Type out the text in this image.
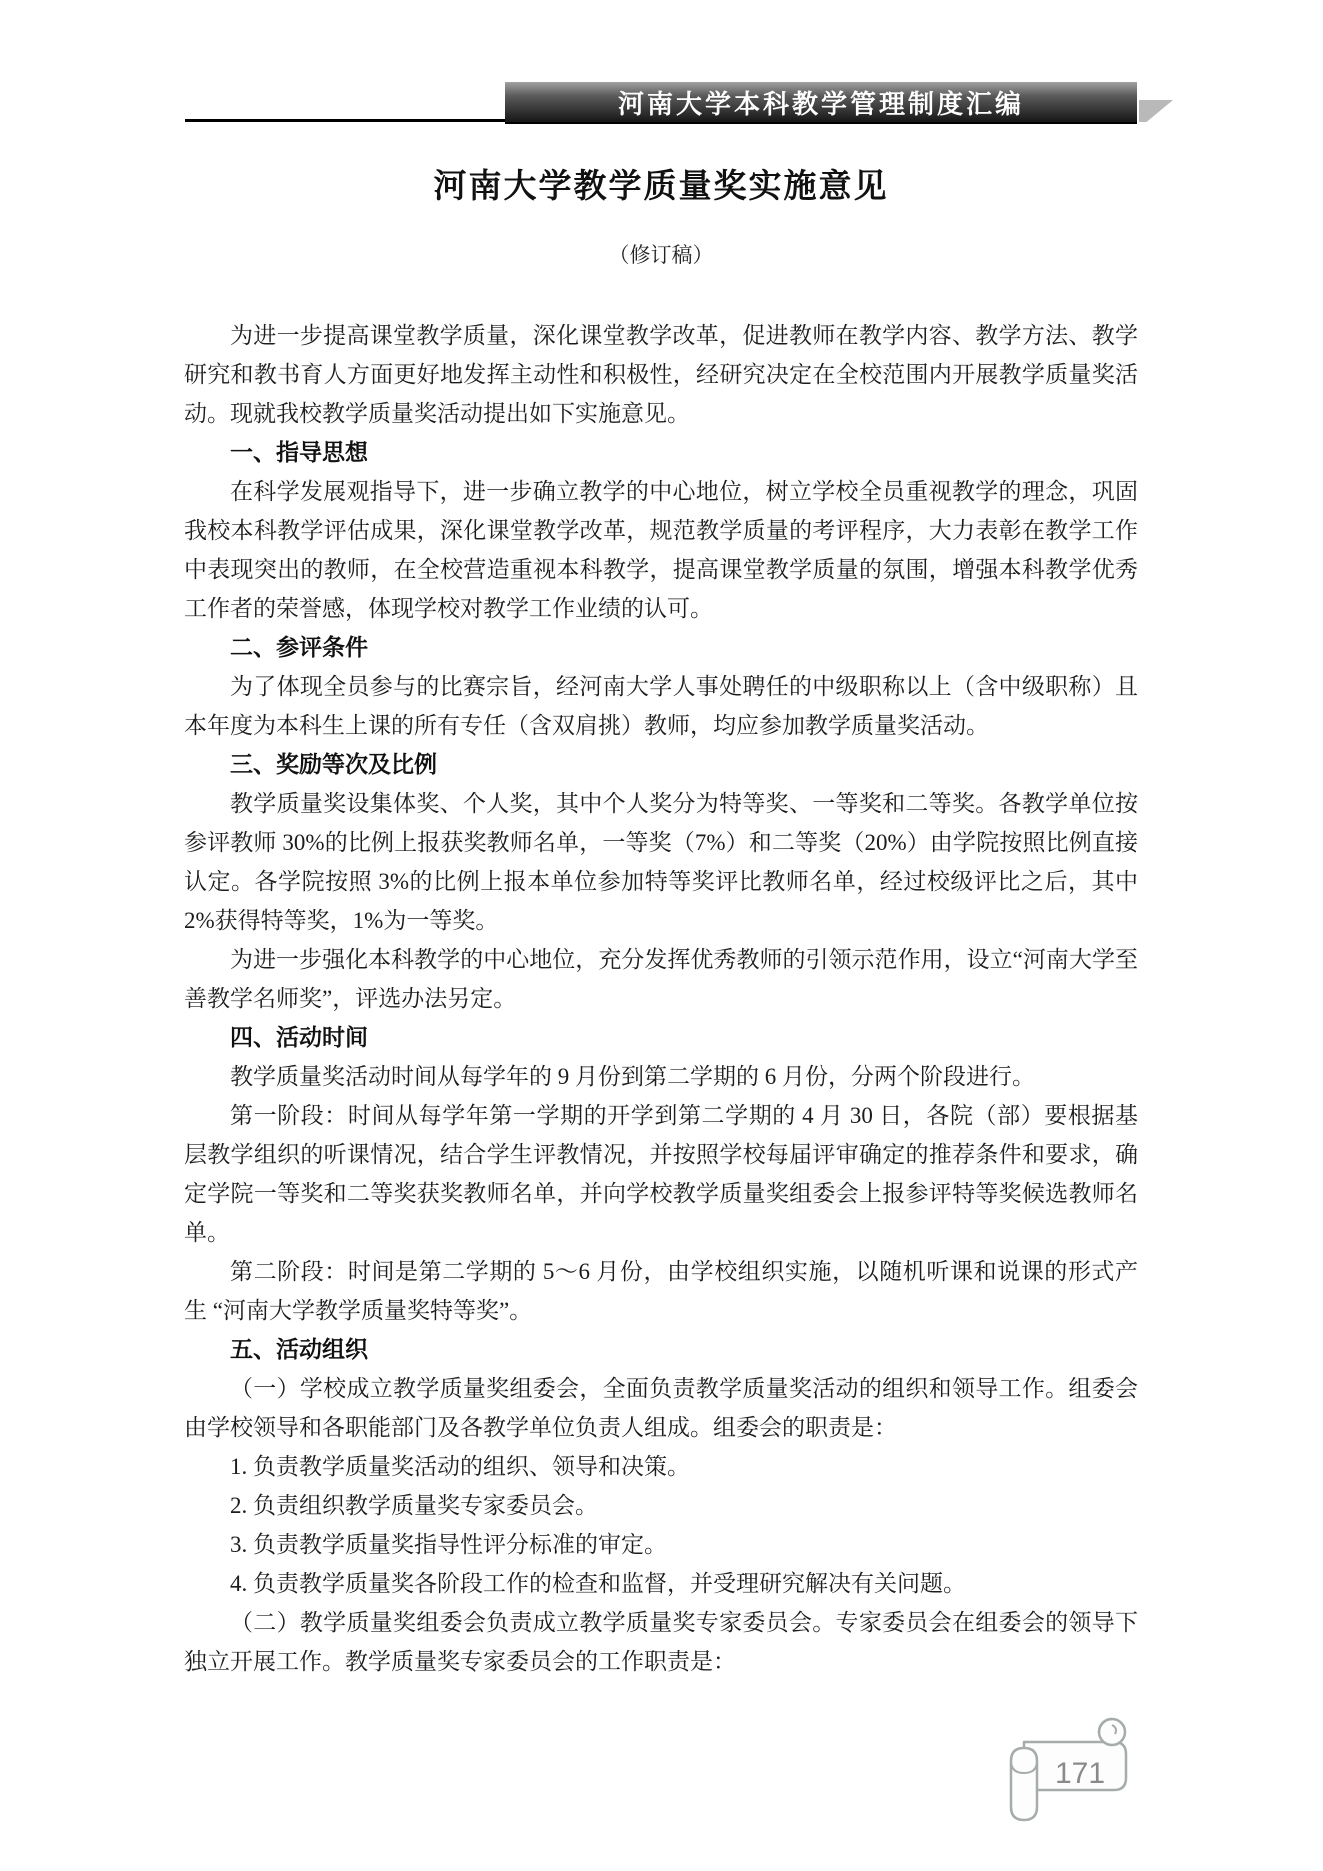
河南大学本科教学管理制度汇编
河南大学教学质量奖实施意见
（修订稿）

为进一步提高课堂教学质量，深化课堂教学改革，促进教师在教学内容、教学方法、教学研究和教书育人方面更好地发挥主动性和积极性，经研究决定在全校范围内开展教学质量奖活动。现就我校教学质量奖活动提出如下实施意见。

一、指导思想

在科学发展观指导下，进一步确立教学的中心地位，树立学校全员重视教学的理念，巩固我校本科教学评估成果，深化课堂教学改革，规范教学质量的考评程序，大力表彰在教学工作中表现突出的教师，在全校营造重视本科教学，提高课堂教学质量的氛围，增强本科教学优秀工作者的荣誉感，体现学校对教学工作业绩的认可。

二、参评条件

为了体现全员参与的比赛宗旨，经河南大学人事处聘任的中级职称以上（含中级职称）且本年度为本科生上课的所有专任（含双肩挑）教师，均应参加教学质量奖活动。

三、奖励等次及比例

教学质量奖设集体奖、个人奖，其中个人奖分为特等奖、一等奖和二等奖。各教学单位按参评教师 30%的比例上报获奖教师名单，一等奖（7%）和二等奖（20%）由学院按照比例直接认定。各学院按照 3%的比例上报本单位参加特等奖评比教师名单，经过校级评比之后，其中2%获得特等奖，1%为一等奖。

为进一步强化本科教学的中心地位，充分发挥优秀教师的引领示范作用，设立“河南大学至善教学名师奖”，评选办法另定。

四、活动时间

教学质量奖活动时间从每学年的 9 月份到第二学期的 6 月份，分两个阶段进行。

第一阶段：时间从每学年第一学期的开学到第二学期的 4 月 30 日，各院（部）要根据基层教学组织的听课情况，结合学生评教情况，并按照学校每届评审确定的推荐条件和要求，确定学院一等奖和二等奖获奖教师名单，并向学校教学质量奖组委会上报参评特等奖候选教师名单。

第二阶段：时间是第二学期的 5～6 月份，由学校组织实施，以随机听课和说课的形式产生 “河南大学教学质量奖特等奖”。

五、活动组织

（一）学校成立教学质量奖组委会，全面负责教学质量奖活动的组织和领导工作。组委会由学校领导和各职能部门及各教学单位负责人组成。组委会的职责是：

1. 负责教学质量奖活动的组织、领导和决策。

2. 负责组织教学质量奖专家委员会。

3. 负责教学质量奖指导性评分标准的审定。

4. 负责教学质量奖各阶段工作的检查和监督，并受理研究解决有关问题。

（二）教学质量奖组委会负责成立教学质量奖专家委员会。专家委员会在组委会的领导下独立开展工作。教学质量奖专家委员会的工作职责是：

171
